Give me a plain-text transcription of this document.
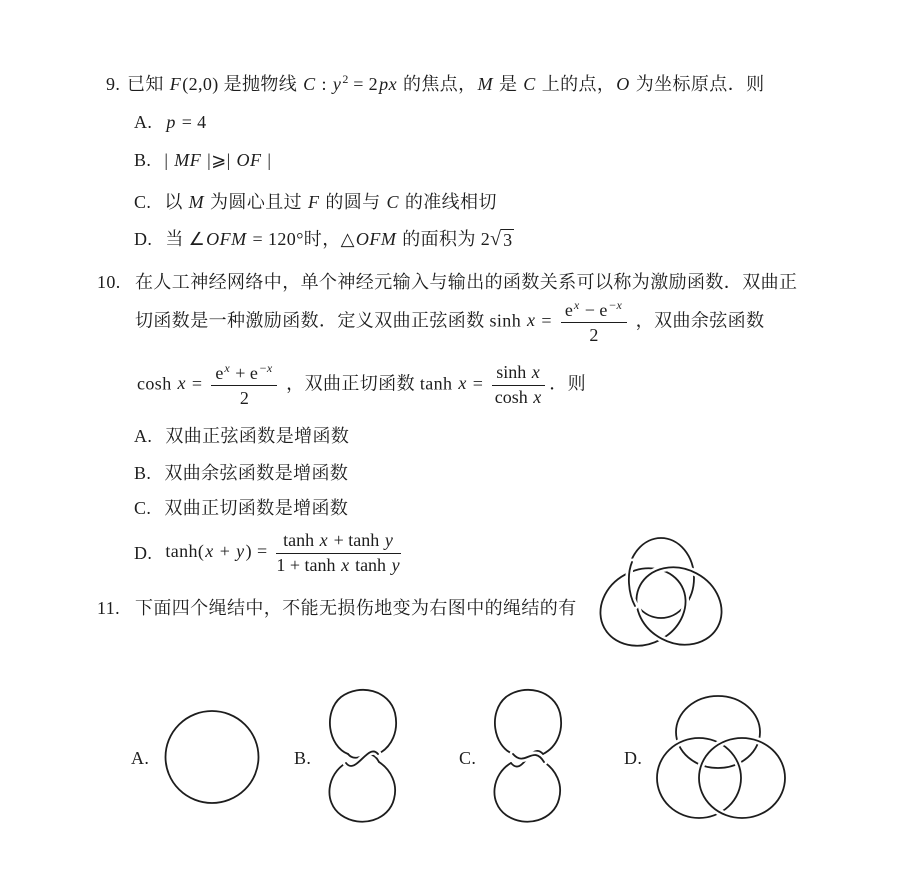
9. 已知 F(2,0) 是抛物线 C : $y^2 = 2px$ 的焦点，M 是 C 上的点，O 为坐标原点．则
A. p = 4
B. | MF |⩾| OF |
C. 以 M 为圆心且过 F 的圆与 C 的准线相切
D. 当 ∠OFM = 120°时，△OFM 的面积为 2 √ 3
10. 在人工神经网络中，单个神经元输入与输出的函数关系可以称为激励函数．双曲正
切函数是一种激励函数．定义双曲正弦函数 $\sinh x = \frac{e^x - e^{-x}}{2}$ ，双曲余弦函数
$\cosh x = \frac{e^x + e^{-x}}{2}$ ，双曲正切函数 $\tanh x = \frac{\text{sinh x}}{\text{cosh x}}$ ．则
A. 双曲正弦函数是增函数
B. 双曲余弦函数是增函数
C. 双曲正切函数是增函数
D. $\tanh(x + y) = \frac{\text{tanh x + tanh y}}{\text{1 + tanh x tanh y}}$
11. 下面四个绳结中，不能无损伤地变为右图中的绳结的有
A.	B.	C.	D.
